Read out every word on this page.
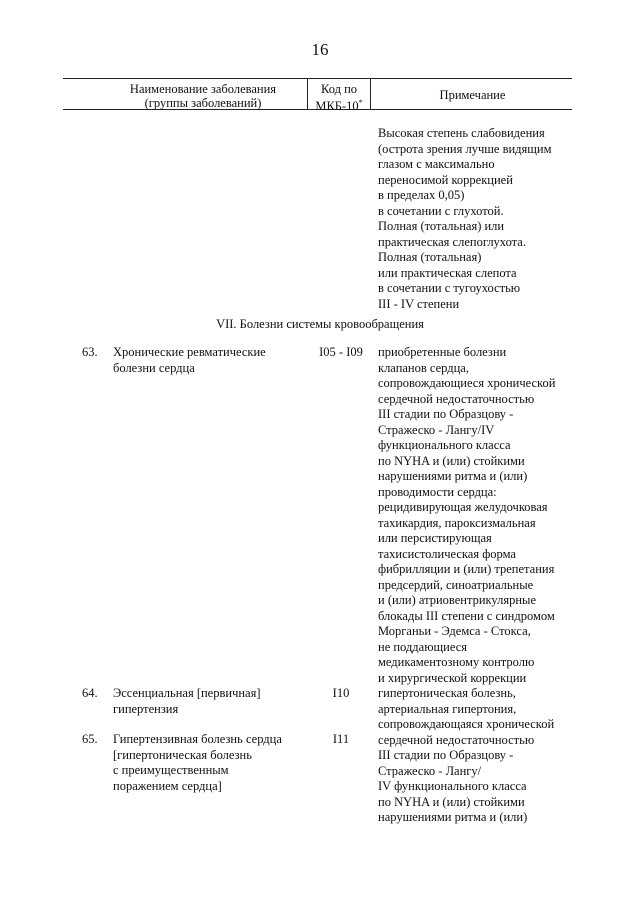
16
Наименование заболевания
(группы заболеваний)
Код по
МКБ-10*
Примечание
Высокая степень слабовидения
(острота зрения лучше видящим
глазом с максимально
переносимой коррекцией
в пределах 0,05)
в сочетании с глухотой.
Полная (тотальная) или
практическая слепоглухота.
Полная (тотальная)
или практическая слепота
в сочетании с тугоухостью
III - IV степени
VII. Болезни системы кровообращения
63. Хронические ревматические
болезни сердца
I05 - I09	приобретенные болезни
клапанов сердца,
сопровождающиеся хронической
сердечной недостаточностью
III стадии по Образцову -
Стражеско - Лангу/IV
функционального класса
по NYHA и (или) стойкими
нарушениями ритма и (или)
проводимости сердца:
рецидивирующая желудочковая
тахикардия, пароксизмальная
или персистирующая
тахисистолическая форма
фибрилляции и (или) трепетания
предсердий, синоатриальные
и (или) атриовентрикулярные
блокады III степени с синдромом
Морганьи - Эдемса - Стокса,
не поддающиеся
медикаментозному контролю
и хирургической коррекции
64. Эссенциальная [первичная]
гипертензия
I10	гипертоническая болезнь,
артериальная гипертония,
сопровождающаяся хронической
сердечной недостаточностью
III стадии по Образцову -
Стражеско - Лангу/
IV функционального класса
по NYHA и (или) стойкими
нарушениями ритма и (или)
65. Гипертензивная болезнь сердца
[гипертоническая болезнь
с преимущественным
поражением сердца]
I11
